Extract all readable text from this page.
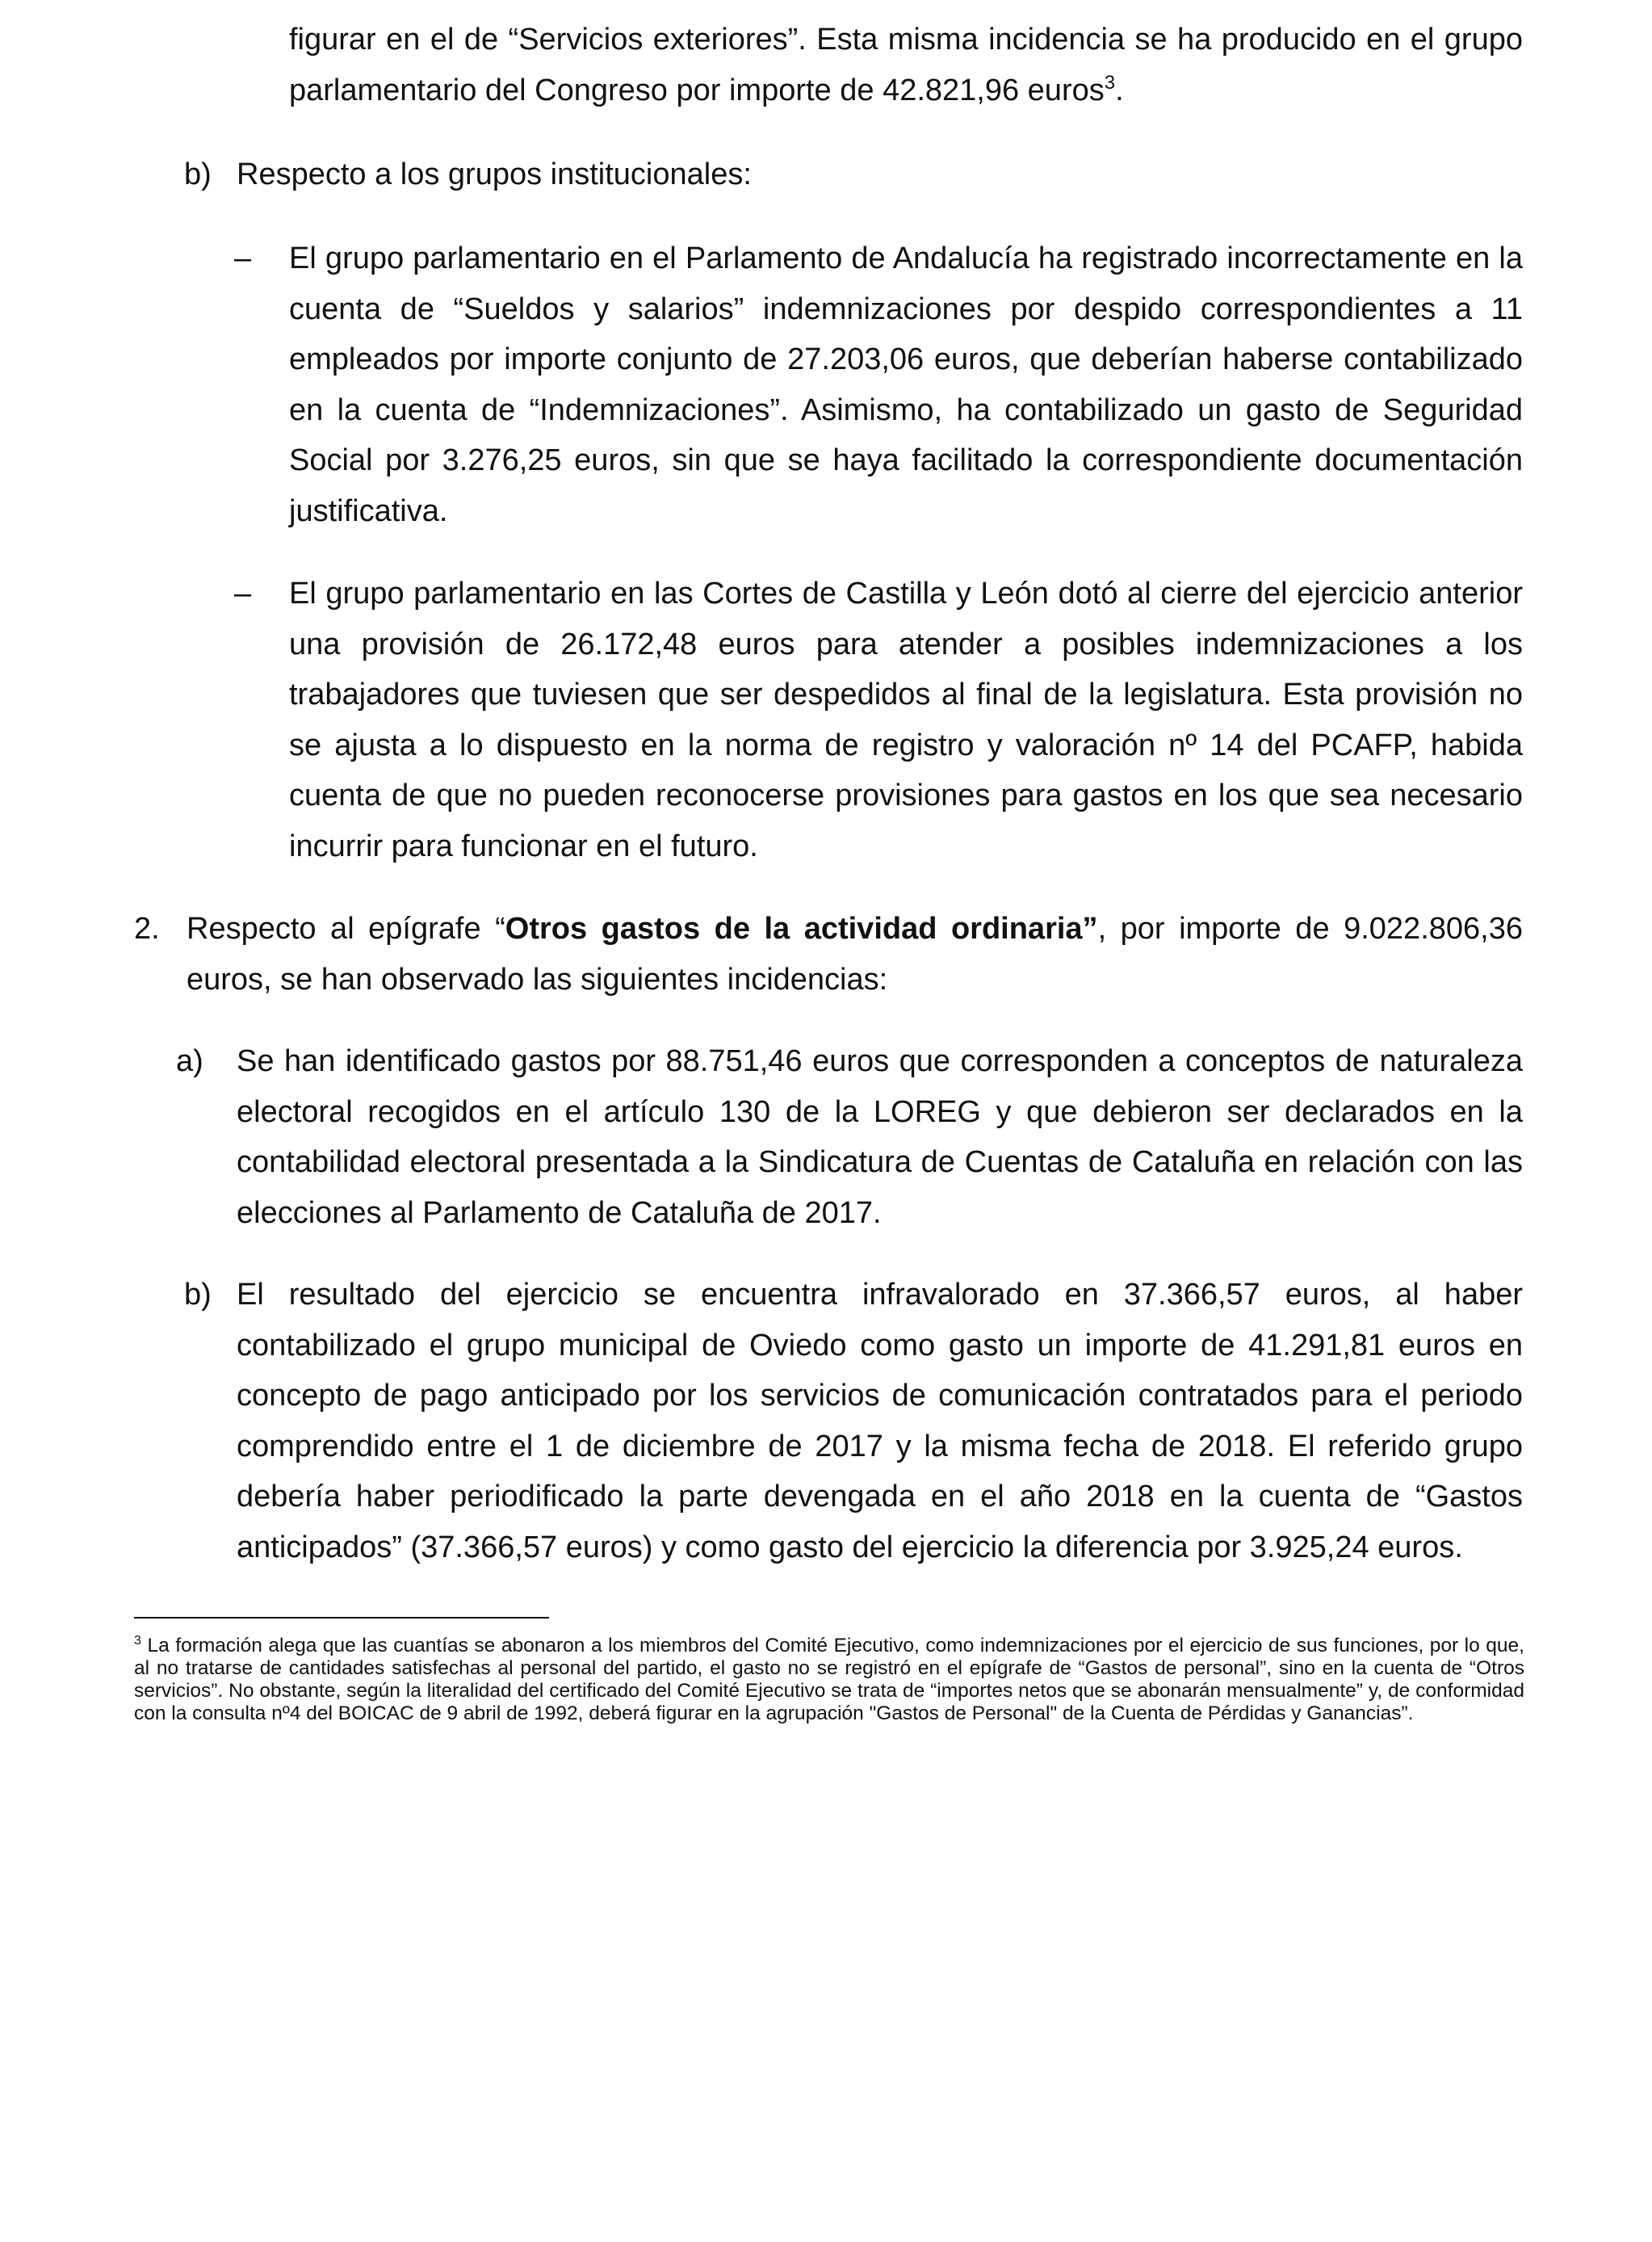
figurar en el de “Servicios exteriores”. Esta misma incidencia se ha producido en el grupo parlamentario del Congreso por importe de 42.821,96 euros$^3$.

b) Respecto a los grupos institucionales:

– El grupo parlamentario en el Parlamento de Andalucía ha registrado incorrectamente en la cuenta de “Sueldos y salarios” indemnizaciones por despido correspondientes a 11 empleados por importe conjunto de 27.203,06 euros, que deberían haberse contabilizado en la cuenta de “Indemnizaciones”. Asimismo, ha contabilizado un gasto de Seguridad Social por 3.276,25 euros, sin que se haya facilitado la correspondiente documentación justificativa.

– El grupo parlamentario en las Cortes de Castilla y León dotó al cierre del ejercicio anterior una provisión de 26.172,48 euros para atender a posibles indemnizaciones a los trabajadores que tuviesen que ser despedidos al final de la legislatura. Esta provisión no se ajusta a lo dispuesto en la norma de registro y valoración nº 14 del PCAFP, habida cuenta de que no pueden reconocerse provisiones para gastos en los que sea necesario incurrir para funcionar en el futuro.

2. Respecto al epígrafe “Otros gastos de la actividad ordinaria”, por importe de 9.022.806,36 euros, se han observado las siguientes incidencias:

a) Se han identificado gastos por 88.751,46 euros que corresponden a conceptos de naturaleza electoral recogidos en el artículo 130 de la LOREG y que debieron ser declarados en la contabilidad electoral presentada a la Sindicatura de Cuentas de Cataluña en relación con las elecciones al Parlamento de Cataluña de 2017.

b) El resultado del ejercicio se encuentra infravalorado en 37.366,57 euros, al haber contabilizado el grupo municipal de Oviedo como gasto un importe de 41.291,81 euros en concepto de pago anticipado por los servicios de comunicación contratados para el periodo comprendido entre el 1 de diciembre de 2017 y la misma fecha de 2018. El referido grupo debería haber periodificado la parte devengada en el año 2018 en la cuenta de “Gastos anticipados” (37.366,57 euros) y como gasto del ejercicio la diferencia por 3.925,24 euros.

$^3$ La formación alega que las cuantías se abonaron a los miembros del Comité Ejecutivo, como indemnizaciones por el ejercicio de sus funciones, por lo que, al no tratarse de cantidades satisfechas al personal del partido, el gasto no se registró en el epígrafe de “Gastos de personal”, sino en la cuenta de “Otros servicios”. No obstante, según la literalidad del certificado del Comité Ejecutivo se trata de “importes netos que se abonarán mensualmente” y, de conformidad con la consulta nº4 del BOICAC de 9 abril de 1992, deberá figurar en la agrupación "Gastos de Personal" de la Cuenta de Pérdidas y Ganancias”.
